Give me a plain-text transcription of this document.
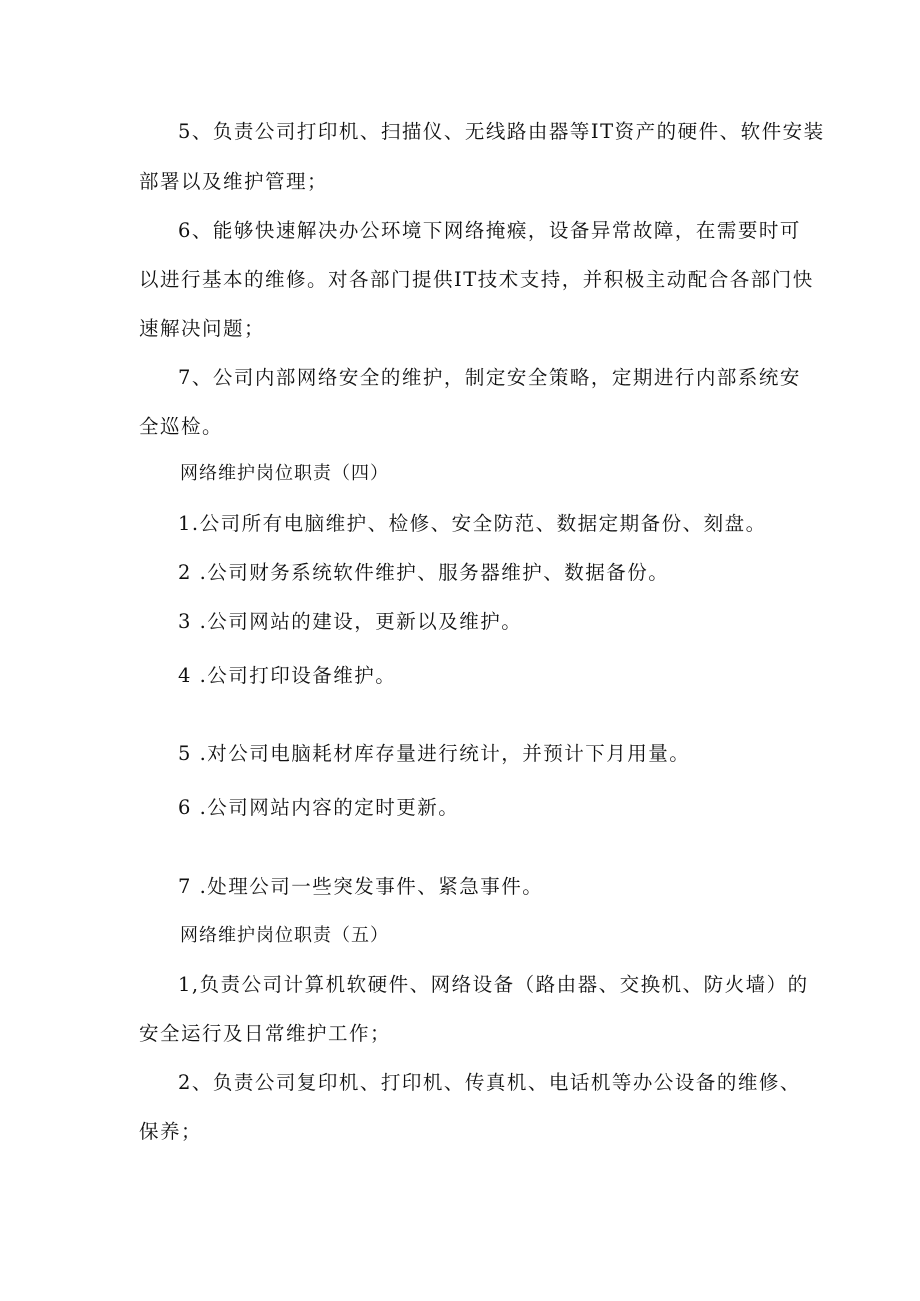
5、负责公司打印机、扫描仪、无线路由器等IT资产的硬件、软件安装
部署以及维护管理；
6、能够快速解决办公环境下网络掩瘊，设备异常故障，在需要时可
以进行基本的维修。对各部门提供IT技术支持，并积极主动配合各部门快
速解决问题；
7、公司内部网络安全的维护，制定安全策略，定期进行内部系统安
全巡检。
网络维护岗位职责（四）
1.公司所有电脑维护、检修、安全防范、数据定期备份、刻盘。
2 .公司财务系统软件维护、服务器维护、数据备份。
3 .公司网站的建设，更新以及维护。
4 .公司打印设备维护。
5 .对公司电脑耗材库存量进行统计，并预计下月用量。
6 .公司网站内容的定时更新。
7 .处理公司一些突发事件、紧急事件。
网络维护岗位职责（五）
1,负责公司计算机软硬件、网络设备（路由器、交换机、防火墙）的
安全运行及日常维护工作；
2、负责公司复印机、打印机、传真机、电话机等办公设备的维修、
保养；
